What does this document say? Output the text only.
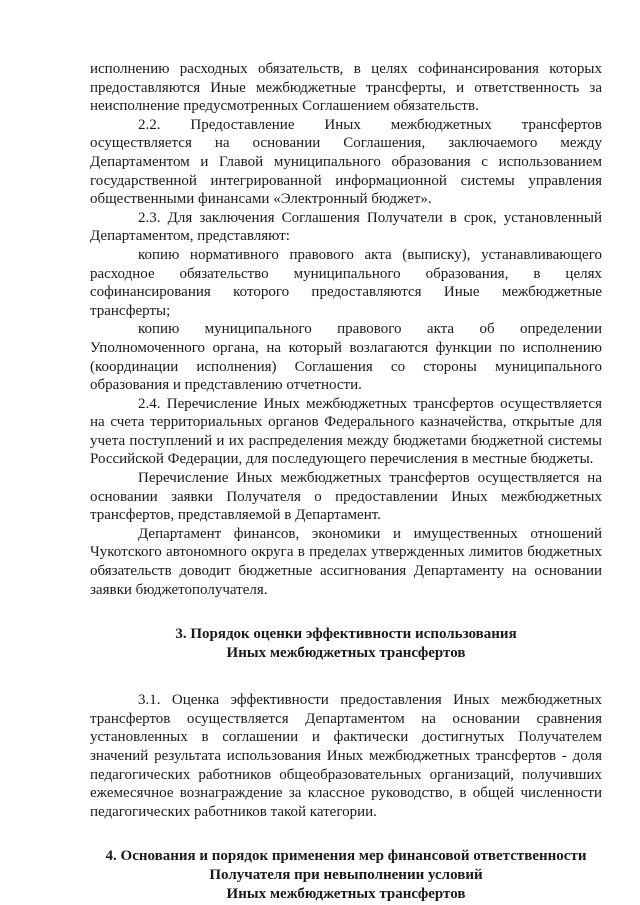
исполнению расходных обязательств, в целях софинансирования которых предоставляются Иные межбюджетные трансферты, и ответственность за неисполнение предусмотренных Соглашением обязательств.

2.2. Предоставление Иных межбюджетных трансфертов осуществляется на основании Соглашения, заключаемого между Департаментом и Главой муниципального образования с использованием государственной интегрированной информационной системы управления общественными финансами «Электронный бюджет».

2.3. Для заключения Соглашения Получатели в срок, установленный Департаментом, представляют:

копию нормативного правового акта (выписку), устанавливающего расходное обязательство муниципального образования, в целях софинансирования которого предоставляются Иные межбюджетные трансферты;

копию муниципального правового акта об определении Уполномоченного органа, на который возлагаются функции по исполнению (координации исполнения) Соглашения со стороны муниципального образования и представлению отчетности.

2.4. Перечисление Иных межбюджетных трансфертов осуществляется на счета территориальных органов Федерального казначейства, открытые для учета поступлений и их распределения между бюджетами бюджетной системы Российской Федерации, для последующего перечисления в местные бюджеты.

Перечисление Иных межбюджетных трансфертов осуществляется на основании заявки Получателя о предоставлении Иных межбюджетных трансфертов, представляемой в Департамент.

Департамент финансов, экономики и имущественных отношений Чукотского автономного округа в пределах утвержденных лимитов бюджетных обязательств доводит бюджетные ассигнования Департаменту на основании заявки бюджетополучателя.

3. Порядок оценки эффективности использования

Иных межбюджетных трансфертов

3.1. Оценка эффективности предоставления Иных межбюджетных трансфертов осуществляется Департаментом на основании сравнения установленных в соглашении и фактически достигнутых Получателем значений результата использования Иных межбюджетных трансфертов - доля педагогических работников общеобразовательных организаций, получивших ежемесячное вознаграждение за классное руководство, в общей численности педагогических работников такой категории.

4. Основания и порядок применения мер финансовой ответственности

Получателя при невыполнении условий

Иных межбюджетных трансфертов
